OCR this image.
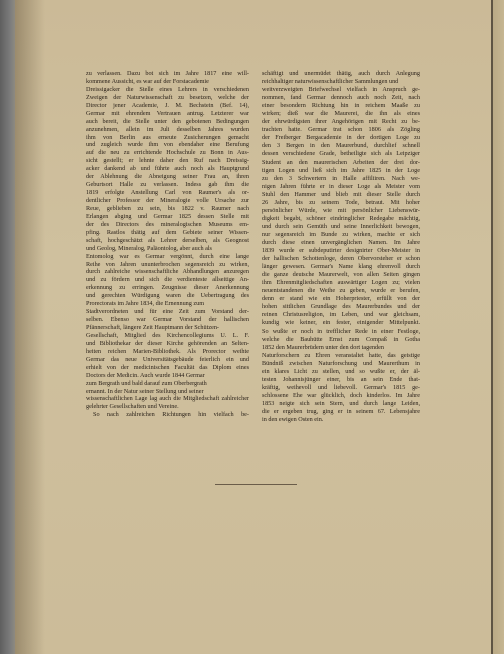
zu verlassen. Dazu bot sich im Jahre 1817 eine will-
kommene Aussicht, es war auf der Forstacademie
Dreissigacker die Stelle eines Lehrers in verschiedenen
Zweigen der Naturwissenschaft zu besetzen, welche der
Director jener Academie, J. M. Bechstein (Bef. 14),
Germar mit ehrendem Vertrauen antrug. Letzterer war
auch bereit, die Stelle unter den gebotenen Bedingungen
anzunehmen, allein im Juli desselben Jahres wurden
ihm von Berlin aus erneute Zusicherungen gemacht
und zugleich wurde ihm von ebendaher eine Berufung
auf die neu zu errichtende Hochschule zu Bonn in Aus-
sicht gestellt; er lehnte daher den Ruf nach Dreissig-
acker dankend ab und führte auch noch als Hauptgrund
der Ablehnung die Abneigung seiner Frau an, ihren
Geburtsort Halle zu verlassen. Indess gab ihm die
1819 erfolgte Anstellung Carl von Raumer's als or-
dentlicher Professor der Mineralogie volle Ursache zur
Reue, geblieben zu sein, bis 1822 v. Raumer nach
Erlangen abging und Germar 1825 dessen Stelle mit
der des Directors des mineralogischen Museums em-
pfing. Rastlos thätig auf dem Gebiete seiner Wissen-
schaft, hochgeschätzt als Lehrer derselben, als Geognost
und Geolog, Mineralog, Paläontolog, aber auch als
Entomolog war es Germar vergönnt, durch eine lange
Reihe von Jahren ununterbrochen segensreich zu wirken,
durch zahlreiche wissenschaftliche Abhandlungen anzuregen
und zu fördern und sich die verdienteste allseitige An-
erkennung zu erringen. Zeugnisse dieser Anerkennung
und gerechten Würdigung waren die Uebertragung des
Prorectorats im Jahre 1834, die Ernennung zum
Stadtverordneten und für eine Zeit zum Vorstand der-
selben. Ebenso war Germar Vorstand der hallischen
Pfännerschaft, längere Zeit Hauptmann der Schützen-
Gesellschaft, Mitglied des Kirchencollegiums U. L. F.
und Bibliothekar der dieser Kirche gehörenden an Selten-
heiten reichen Marien-Bibliothek. Als Prorector weihte
Germar das neue Universitätsgebäude feierlich ein und
erhielt von der medicinischen Facultät das Diplom eines
Doctors der Medicin. Auch wurde 1844 Germar
zum Bergrath und bald darauf zum Oberbergrath
ernannt. In der Natur seiner Stellung und seiner
wissenschaftlichen Lage lag auch die Mitgliedschaft zahlreicher
gelehrter Gesellschaften und Vereine.
So nach zahlreichen Richtungen hin vielfach be-
schäftigt und unermüdet thätig, auch durch Anlegung
reichhaltiger naturwissenschaftlicher Sammlungen und
weitverzweigten Briefwechsel vielfach in Anspruch ge-
nommen, fand Germar dennoch auch noch Zeit, nach
einer besondern Richtung hin in reichem Maaße zu
wirken; dieß war die Maurerei, die ihn als eines
der ehrwürdigsten ihrer Angehörigen mit Recht zu be-
trachten hatte. Germar trat schon 1806 als Zögling
der Freiberger Bergacademie in der dortigen Loge zu
den 3 Bergen in den Maurerbund, durchlief schnell
dessen verschiedene Grade, betheiligte sich als Leipziger
Student an den maurerischen Arbeiten der drei dor-
tigen Logen und ließ sich im Jahre 1825 in der Loge
zu den 3 Schwertern in Halle affiliiren. Nach we-
nigen Jahren führte er in dieser Loge als Meister vom
Stuhl den Hammer und blieb mit dieser Stelle durch
26 Jahre, bis zu seinem Tode, betraut. Mit hoher
persönlicher Würde, wie mit persönlicher Liebenswür-
digkeit begabt, schöner eindringlicher Redegabe mächtig,
und durch sein Gemüth und seine Innerlichkeit bewogen,
nur segensreich im Bunde zu wirken, machte er sich
durch diese einen unvergänglichen Namen. Im Jahre
1839 wurde er subdeputirter designirter Ober-Meister in
der hallischen Schottenloge, deren Obervorsteher er schon
länger gewesen. Germar's Name klang ehrenvoll durch
die ganze deutsche Maurerwelt, von allen Seiten gingen
ihm Ehrenmitgliedschaften auswärtiger Logen zu; vielen
neuentstandenen die Weihe zu geben, wurde er berufen,
denn er stand wie ein Hoherpriester, erfüllt von der
hohen sittlichen Grundlage des Maurerbundes und der
reinen Christusreligion, im Leben, und war gleichsam,
kundig wie keiner, ein fester, einigender Mittelpunkt.
So wußte er noch in trefflicher Rede in einer Festloge,
welche die Bauhütte Ernst zum Compaß in Gotha
1852 den Maurerbrüdern unter den dort tagenden
Naturforschern zu Ehren veranstaltet hatte, das geistige
Bündniß zwischen Naturforschung und Maurerthum in
ein klares Licht zu stellen, und so wußte er, der äl-
testen Johannisjünger einer, bis an sein Ende that-
kräftig, weihevoll und liebevoll. Germar's 1815 ge-
schlossene Ehe war glücklich, doch kinderlos. Im Jahre
1853 neigte sich sein Stern, und durch lange Leiden,
die er ergeben trug, ging er in seinem 67. Lebensjahre
in den ewigen Osten ein.
